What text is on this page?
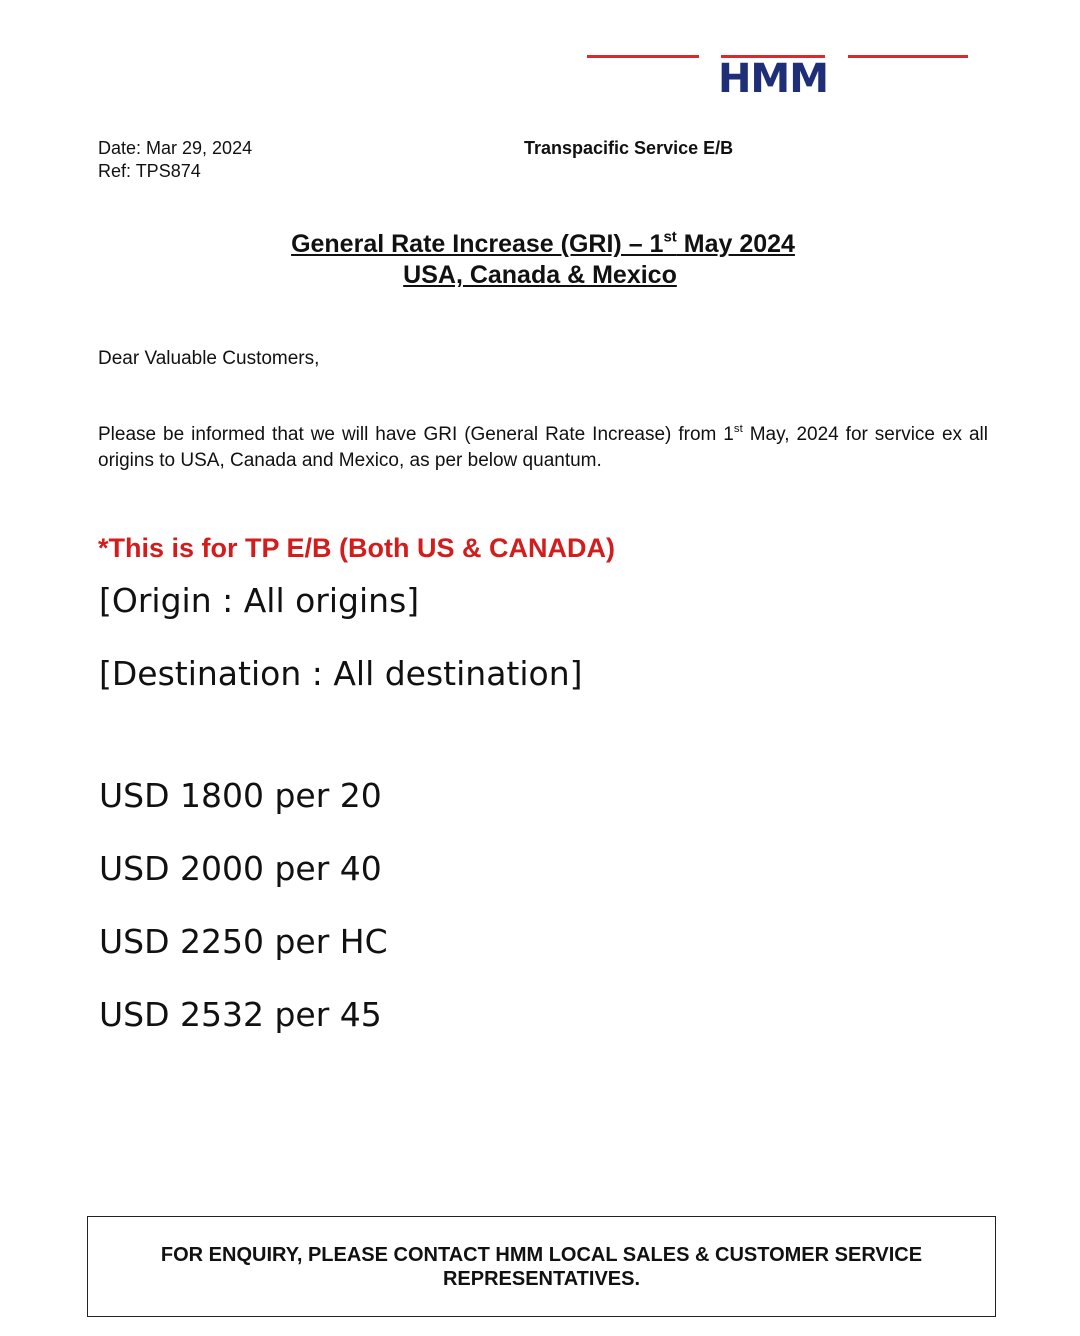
HMM
Date: Mar 29, 2024
Ref: TPS874
Transpacific Service E/B
General Rate Increase (GRI) – 1st May 2024
USA, Canada & Mexico
Dear Valuable Customers,
Please be informed that we will have GRI (General Rate Increase) from 1st May, 2024 for service ex all origins to USA, Canada and Mexico, as per below quantum.
*This is for TP E/B (Both US & CANADA)
[Origin : All origins]
[Destination : All destination]
USD 1800 per 20
USD 2000 per 40
USD 2250 per HC
USD 2532 per 45
FOR ENQUIRY, PLEASE CONTACT HMM LOCAL SALES & CUSTOMER SERVICE
REPRESENTATIVES.
